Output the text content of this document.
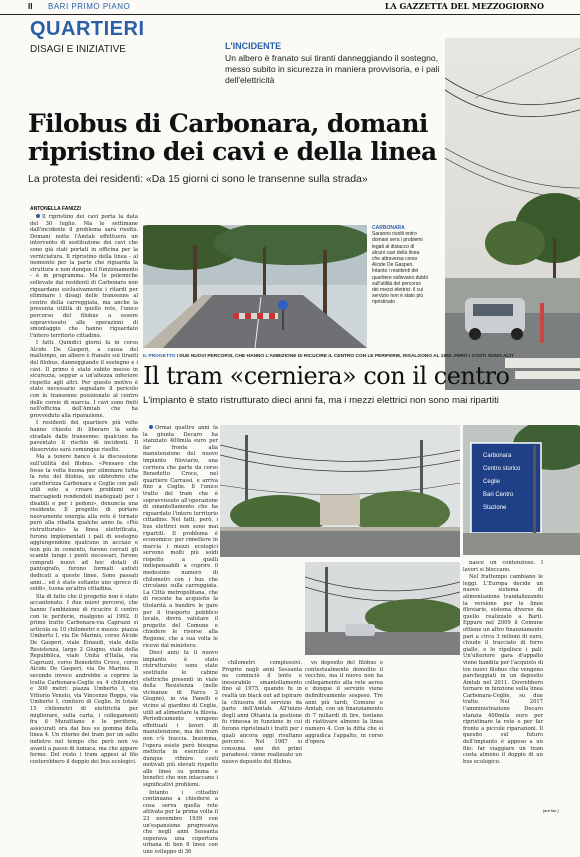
II BARI PRIMO PIANO	LA GAZZETTA DEL MEZZOGIORNO
QUARTIERI
DISAGI E INIZIATIVE	L'INCIDENTE
Un albero è franato sui tiranti danneggiando il sostegno, messo subito in sicurezza in maniera provvisoria, e i pali dell'elettricità
Filobus di Carbonara, domani ripristino dei cavi e della linea
La protesta dei residenti: «Da 15 giorni ci sono le transenne sulla strada»
ANTONELLA FANIZZI

Il ripristino dei cavi porta la data del 30 luglio. Ma le settimane dall'incidente il problema sarà risolto. Domani notte l'Amtab effettuerà un intervento di sostituzione dei cavi che sono già stati portati in officina per la verniciatura. Il ripristino della linea - al momento per la parte che riguarda la struttura e non dunque il funzionamento - è in programma. Ma le polemiche sollevate dai residenti di Carbonara non riguardano esclusivamente i ritardi per eliminare i disagi delle transenne al centro della carreggiata, ma anche la presunta utilità di quello rete, l'unico percorso del filobus a essere sopravvissuto alle operazioni di smontaggio che hanno riguardato l'intero territorio cittadino.

I fatti. Quindici giorni fa in corso Alcide De Gasperi, a causa del maltempo, un albero è franato sui tiranti del filobus, danneggiando il sostegno e i cavi. Il primo è stato subito messo in sicurezza, seppur a un'altezza inferiore rispetto agli altri. Per questo motivo è stato necessario segnalare il pericolo con le transenne posizionate al centro delle corsie di marcia. I cavi sono finiti nell'officina dell'Amtab che ha provveduto alla riparazione.

I residenti del quartiere più volte hanno chiesto di liberare la sede stradale dalle transenne: qualcuno ha paventato il rischio di incidenti. Il disservizio sarà comunque risolto.

Ma a tenere banco è la discussione sull'utilità del filobus. «Pensavo che fosse la volta buona per eliminare tutta la rete del filobus, un obbrobrio che caratterizza Carbonara e Ceglie con pali utili solo a creare problemi sui marciapiedi rendendoli inadeguati per i disabili e per i pedoni», denuncia una residente. Il progetto di portare nuovamente energia alla rete è tornato però alla ribalta qualche anno fa. «Più ristrutturato» la linea elettrificata, furono implementati i pali di sostegno aggiungendone qualcuno in acciaio e non più in cemento, furono cercati gli scambi lungo i punti necessari, furono comprati nuovi ad hoc dotati di pantografo, furono formati autisti dedicati a queste linee. Sono passati anni... ed è stato soltanto uno spreco di soldi», tuona un'altra cittadina.

Sta di fatto che il progetto non è stato accantonato. I due nuovi percorsi, che hanno l'ambizione di ricucire il centro con le periferie, risalgono al 1992. Il primo tratto Carbonara-via Capruzzi si articola su 10 chilometri e mezzo: piazza Umberto I, via De Marinis, corso Alcide De Gasperi, viale Einaudi, viale della Resistenza, largo 2 Giugno, viale della Repubblica, viale Unità d'Italia, via Capruzzi, corso Benedetto Croce, corso Alcide De Gasperi, via De Marinis. Il secondo invece andrebbe a coprire la tratta Carbonara-Ceglie su 4 chilometri e 300 metri: piazza Umberto I, via Vittorio Veneto, via Vincenzo Roppo, via Umberto I, cimitero di Ceglie. In totale 15 chilometri di elettricità per migliorare, sulla carta, i collegamenti fra il Murattiano e le periferie, assicurati ora dai bus su gomma della linea 4. Un ritorno dei tram per un salto indietro nel tempo che però non va avanti a passo di lumaca, ma che appare fermo. Del resto i tram appesi al filo costerebbero il doppio dei bus ecologici.

CARBONARA
Saranno risolti entro domani sera i problemi legati al distacco di alcuni cavi della linea che attraversa corso Alcide De Gasperi. Intanto i residenti del quartiere sollevano dubbi sull'utilità del percorso dei mezzi elettrici: il cui servizio non è stato più ripristinato
IL PROGETTO I DUE NUOVI PERCORSI, CHE HANNO L'AMBIZIONE DI RICUCIRE IL CENTRO CON LE PERIFERIE, RISALGONO AL 1992. PERÒ I COSTI SONO ALTI
Il tram «cerniera» con il centro
L'impianto è stato ristrutturato dieci anni fa, ma i mezzi elettrici non sono mai ripartiti

Ormai quattro anni fa la giunta Decaro ha stanziato 400mila euro per far fronte alla manutenzione del nuovo impianto filoviario, una corriera che parte da corso Benedetto Croce, nel quartiere Carrassi, e arriva fino a Ceglie. Il l'unico tratto del tram che è sopravvissuto all'operazione di smantellamento che ha riguardato l'intero territorio cittadino. Nei fatti, però, i bus elettrici non sono mai ripartiti. Il problema è economico: per rimettere in marcia i mezzi ecologici servono molti più soldi rispetto a quelli indispensabili a coprire il medesimo numero di chilometri con i bus che circolano sulla carreggiata. La Città metropolitana, che di recente ha acquisito la titolarità a bandire le gare per il trasporto pubblico locale, dovrà valutare il progetto del Comune e chiedere le risorse alla Regione, che a sua volta le riceve dal ministero.

Dieci anni fa il nuovo impianto è stato ristrutturato: sono state sostituite le cabine elettriche presenti in viale della Resistenza (nelle vicinanze di Parco 2 Giugno), in via Fanelli e vicino al giardino di Ceglie, utili ad alimentare la filovia. Periodicamente vengono effettuati i lavori di manutenzione, ma dei tram non c'è traccia. Insomma, l'opera esiste però bisogna metterla in esercizio e dunque rifinire costi motivati più elevati rispetto alle linee su gomma e benefici che non intaccano i significativi problemi.

Intanto i cittadini continuano a chiedersi a cosa serva quella rete attivata per la prima volta il 23 novembre 1939 con un'espansione progressiva che negli anni Sessanta superava una copertura urbana di ben 8 linee con uno sviluppo di 36

Carbonara
Centro storico
Ceglie
Bari Centro
Stazione

chilometri complessivi. Proprio negli anni Sessanta ne cominciò il lento e inesorabile smantellamento fino al 1975, quando fu in realtà un black out ad ispirare la chiusura del servizio da parte dell'Amtab. All'inizio degli anni Ottanta la gestione fu rimessa in funzione in cui furono ripristinati i tratti per i quali ancora oggi risultano percorsi. Nel 1987 si consuma uno dei primi paradossi: viene realizzato un nuovo deposito del filobus.

vo deposito del filobus e contestualmente demolito il vecchio, ma il nuovo non ha collegamento alla rete aerea e dunque il servizio viene definitivamente sospeso. Tre anni più tardi, Comune e Amtab, con un finanziamento di 7 miliardi di lire, tentano di riattivare almeno la linea numero 4. Con la ditta che si aggiudica l'appalto, in corso d'opera

nasce un contenzioso. I lavori si bloccano.

Nel frattempo cambiano le leggi. L'Europa decide un nuovo sistema di alimentazione (vandalizzando la versione per le linee filoviarie, sistema diverso da quello realizzato a Bari). Eppure nel 2009 il Comune ottiene un altro finanziamento pari a circa 3 milioni di euro, chiude il tracciato di ferro giallo, e lo ripulisce i pali. Un'ulteriore gara d'appalto viene bandita per l'acquisto di tre nuovi filobus che vengono parcheggiati in un deposito Amtab nel 2011. Dovrebbero tornare in funzione sulla linea Carbonara-Ceglie, su due tratte. Nel 2017 l'amministrazione Decaro stanzia 400mila euro per ripristinare la rete e per far fronte a piccole riparazioni. Il quesito sul futuro dell'impianto è appeso a un filo: far viaggiare un tram costa almeno il doppio di un bus ecologico.

[ant.fan.]
